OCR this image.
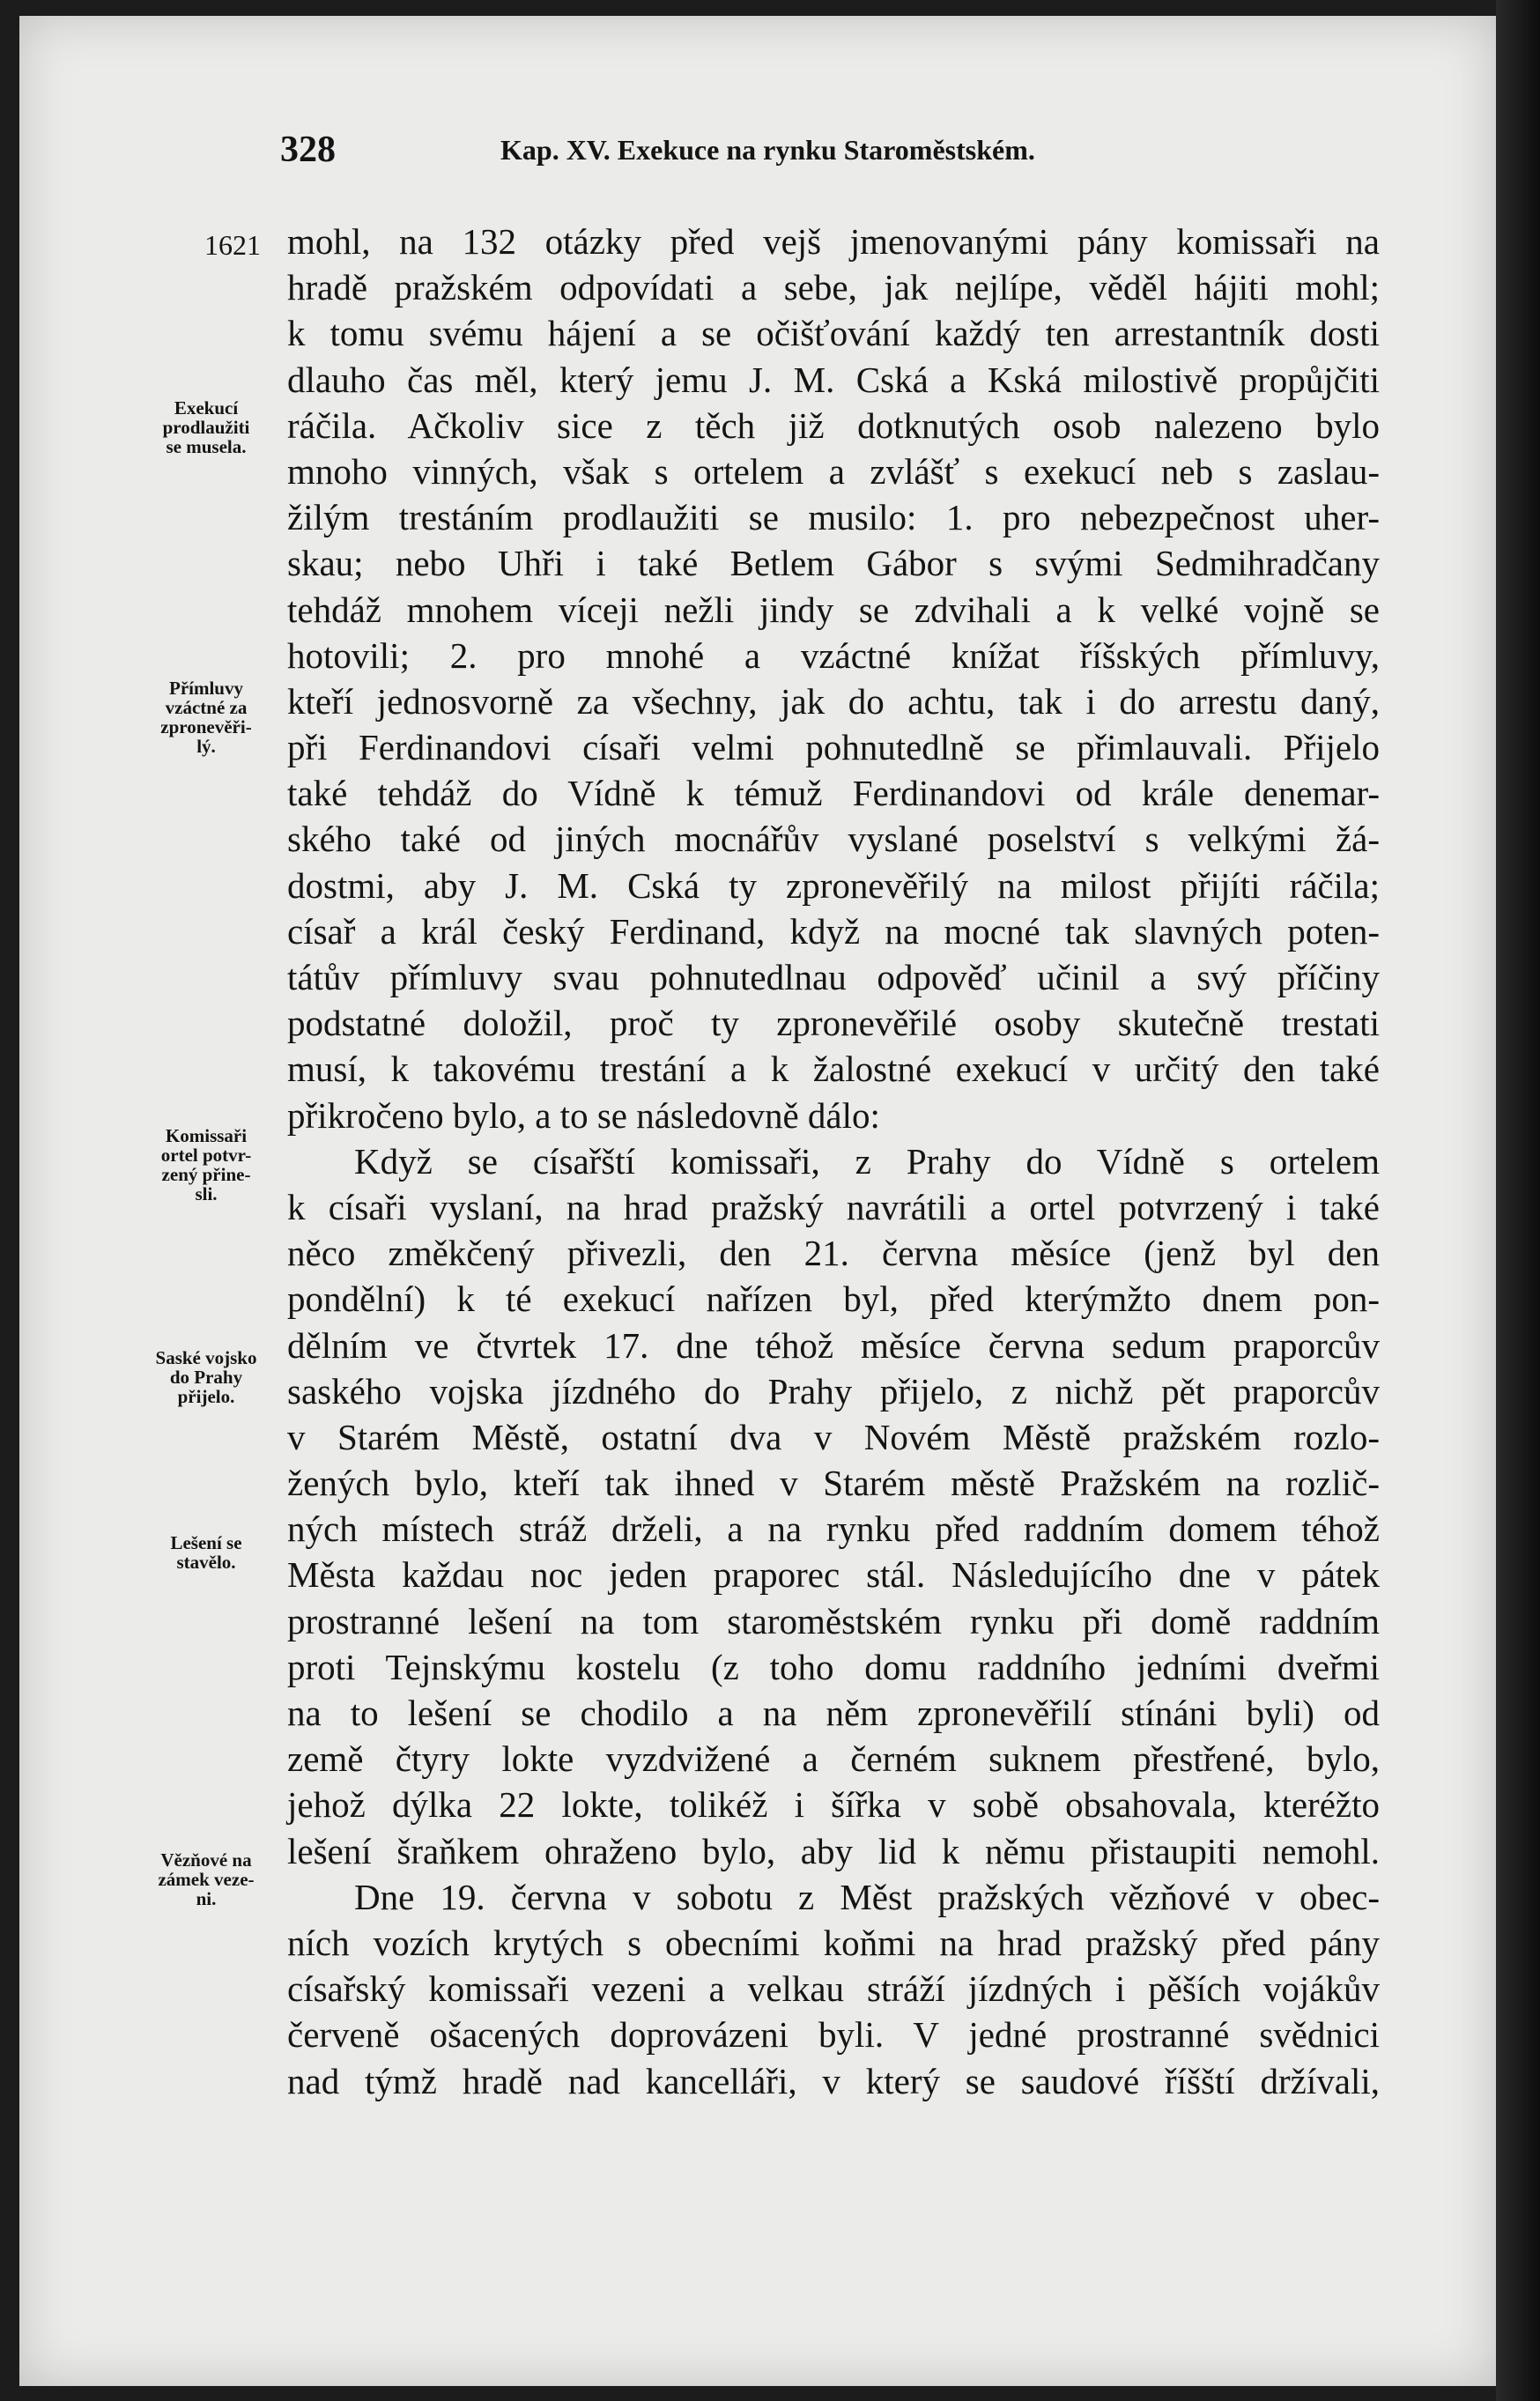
328	Kap. XV. Exekuce na rynku Staroměstském.
1621
Exekucí
prodlaužiti
se musela.
Přímluvy
vzáctné za
zpronevěři-
lý.
Komissaři
ortel potvr-
zený přine-
sli.
Saské vojsko
do Prahy
přijelo.
Lešení se
stavělo.
Vězňové na
zámek veze-
ni.
mohl, na 132 otázky před vejš jmenovanými pány komissaři na
hradě pražském odpovídati a sebe, jak nejlípe, věděl hájiti mohl;
k tomu svému hájení a se očišťování každý ten arrestantník dosti
dlauho čas měl, který jemu J. M. Cská a Kská milostivě propůjčiti
ráčila. Ačkoliv sice z těch již dotknutých osob nalezeno bylo
mnoho vinných, však s ortelem a zvlášť s exekucí neb s zaslau-
žilým trestáním prodlaužiti se musilo: 1. pro nebezpečnost uher-
skau; nebo Uhři i také Betlem Gábor s svými Sedmihradčany
tehdáž mnohem víceji nežli jindy se zdvihali a k velké vojně se
hotovili; 2. pro mnohé a vzáctné knížat říšských přímluvy,
kteří jednosvorně za všechny, jak do achtu, tak i do arrestu daný,
při Ferdinandovi císaři velmi pohnutedlně se přimlauvali. Přijelo
také tehdáž do Vídně k témuž Ferdinandovi od krále denemar-
ského také od jiných mocnářův vyslané poselství s velkými žá-
dostmi, aby J. M. Cská ty zpronevěřilý na milost přijíti ráčila;
císař a král český Ferdinand, když na mocné tak slavných poten-
tátův přímluvy svau pohnutedlnau odpověď učinil a svý příčiny
podstatné doložil, proč ty zpronevěřilé osoby skutečně trestati
musí, k takovému trestání a k žalostné exekucí v určitý den také
přikročeno bylo, a to se následovně dálo:
Když se císařští komissaři, z Prahy do Vídně s ortelem
k císaři vyslaní, na hrad pražský navrátili a ortel potvrzený i také
něco změkčený přivezli, den 21. června měsíce (jenž byl den
pondělní) k té exekucí nařízen byl, před kterýmžto dnem pon-
dělním ve čtvrtek 17. dne téhož měsíce června sedum praporcův
saského vojska jízdného do Prahy přijelo, z nichž pět praporcův
v Starém Městě, ostatní dva v Novém Městě pražském rozlo-
žených bylo, kteří tak ihned v Starém městě Pražském na rozlič-
ných místech stráž drželi, a na rynku před raddním domem téhož
Města každau noc jeden praporec stál. Následujícího dne v pátek
prostranné lešení na tom staroměstském rynku při domě raddním
proti Tejnskýmu kostelu (z toho domu raddního jedními dveřmi
na to lešení se chodilo a na něm zpronevěřilí stínáni byli) od
země čtyry lokte vyzdvižené a černém suknem přestřené, bylo,
jehož dýlka 22 lokte, tolikéž i šířka v sobě obsahovala, kteréžto
lešení šraňkem ohraženo bylo, aby lid k němu přistaupiti nemohl.
Dne 19. června v sobotu z Měst pražských vězňové v obec-
ních vozích krytých s obecními koňmi na hrad pražský před pány
císařský komissaři vezeni a velkau stráží jízdných i pěších vojákův
červeně ošacených doprovázeni byli. V jedné prostranné svědnici
nad týmž hradě nad kancelláři, v který se saudové říšští držívali,
